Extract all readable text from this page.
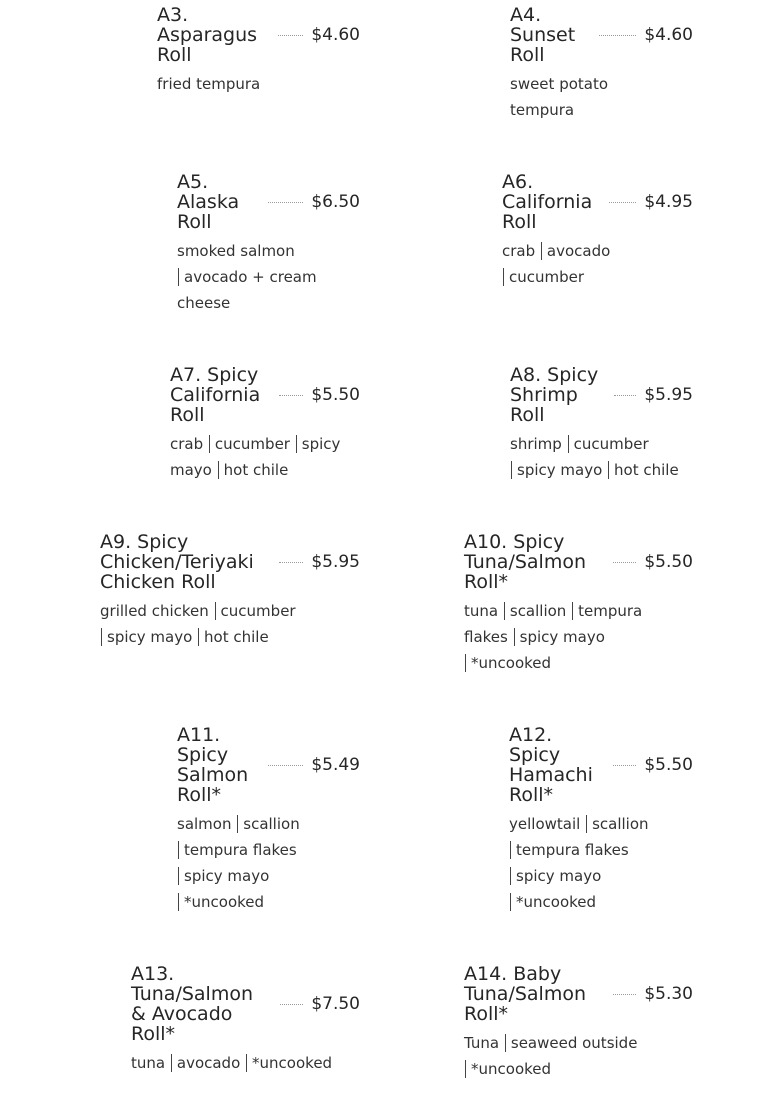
A3. Asparagus Roll
$4.60
fried tempura
A4. Sunset Roll
$4.60
sweet potato tempura
A5. Alaska Roll
$6.50
smoked salmon avocado + cream cheese
A6. California Roll
$4.95
crab avocado cucumber
A7. Spicy California Roll
$5.50
crab cucumber spicy mayo hot chile
A8. Spicy Shrimp Roll
$5.95
shrimp cucumber spicy mayo hot chile
A9. Spicy Chicken/Teriyaki Chicken Roll
$5.95
grilled chicken cucumber spicy mayo hot chile
A10. Spicy Tuna/Salmon Roll*
$5.50
tuna scallion tempura flakes spicy mayo *uncooked
A11. Spicy Salmon Roll*
$5.49
salmon scallion tempura flakes spicy mayo *uncooked
A12. Spicy Hamachi Roll*
$5.50
yellowtail scallion tempura flakes spicy mayo *uncooked
A13. Tuna/Salmon & Avocado Roll*
$7.50
tuna avocado *uncooked
A14. Baby Tuna/Salmon Roll*
$5.30
Tuna seaweed outside *uncooked
